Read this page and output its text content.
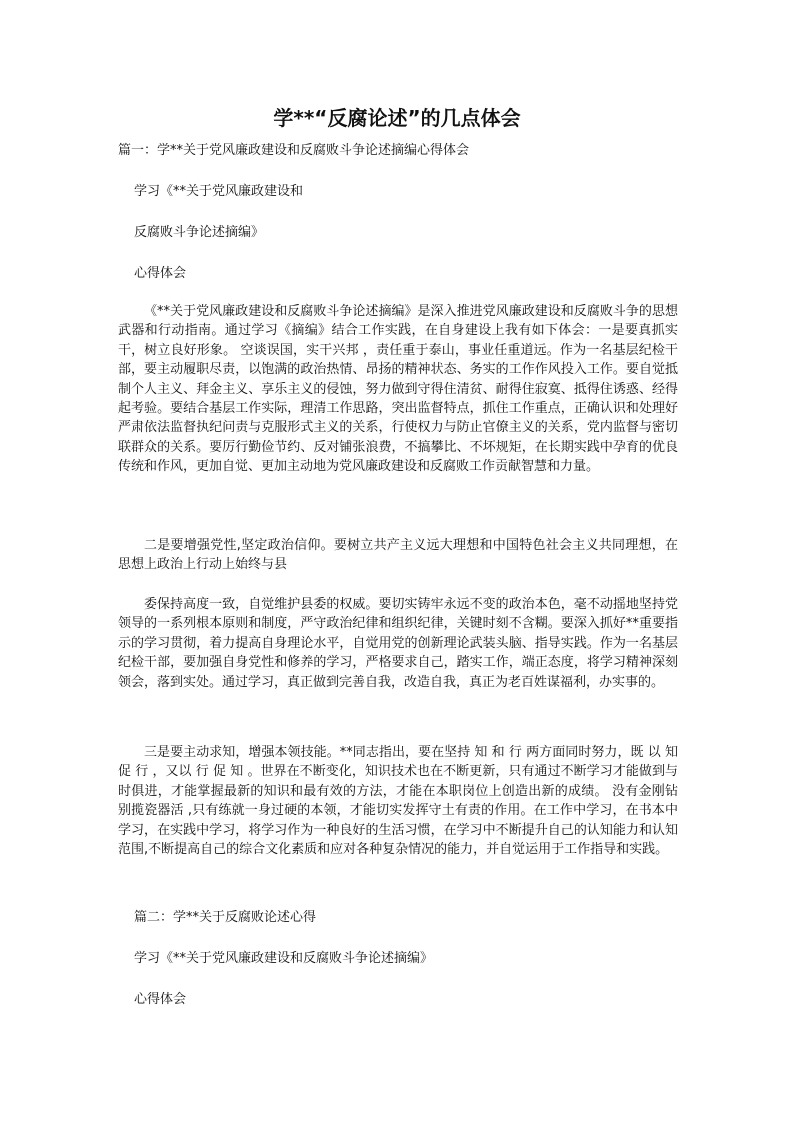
学**“反腐论述”的几点体会
篇一：学**关于党风廉政建设和反腐败斗争论述摘编心得体会
学习《**关于党风廉政建设和
反腐败斗争论述摘编》
心得体会
《**关于党风廉政建设和反腐败斗争论述摘编》是深入推进党风廉政建设和反腐败斗争的思想武器和行动指南。通过学习《摘编》结合工作实践，在自身建设上我有如下体会：一是要真抓实干，树立良好形象。 空谈误国，实干兴邦 ，责任重于泰山，事业任重道远。作为一名基层纪检干部，要主动履职尽责，以饱满的政治热情、昂扬的精神状态、务实的工作作风投入工作。要自觉抵制个人主义、拜金主义、享乐主义的侵蚀，努力做到守得住清贫、耐得住寂寞、抵得住诱惑、经得起考验。要结合基层工作实际，理清工作思路，突出监督特点，抓住工作重点，正确认识和处理好严肃依法监督执纪问责与克服形式主义的关系，行使权力与防止官僚主义的关系，党内监督与密切联群众的关系。要厉行勤俭节约、反对铺张浪费，不搞攀比、不坏规矩，在长期实践中孕育的优良传统和作风，更加自觉、更加主动地为党风廉政建设和反腐败工作贡献智慧和力量。
二是要增强党性,坚定政治信仰。要树立共产主义远大理想和中国特色社会主义共同理想，在思想上政治上行动上始终与县
委保持高度一致，自觉维护县委的权威。要切实铸牢永远不变的政治本色，毫不动摇地坚持党领导的一系列根本原则和制度，严守政治纪律和组织纪律，关键时刻不含糊。要深入抓好**重要指示的学习贯彻，着力提高自身理论水平，自觉用党的创新理论武装头脑、指导实践。作为一名基层纪检干部，要加强自身党性和修养的学习，严格要求自己，踏实工作，端正态度，将学习精神深刻领会，落到实处。通过学习，真正做到完善自我，改造自我，真正为老百姓谋福利，办实事的。
三是要主动求知，增强本领技能。**同志指出，要在坚持 知 和 行 两方面同时努力，既 以 知 促 行 ，又以 行 促 知 。世界在不断变化，知识技术也在不断更新，只有通过不断学习才能做到与时俱进，才能掌握最新的知识和最有效的方法，才能在本职岗位上创造出新的成绩。 没有金刚钻别揽瓷器活 ,只有练就一身过硬的本领，才能切实发挥守土有责的作用。在工作中学习，在书本中学习，在实践中学习，将学习作为一种良好的生活习惯，在学习中不断提升自己的认知能力和认知范围,不断提高自己的综合文化素质和应对各种复杂情况的能力，并自觉运用于工作指导和实践。
篇二：学**关于反腐败论述心得
学习《**关于党风廉政建设和反腐败斗争论述摘编》
心得体会
